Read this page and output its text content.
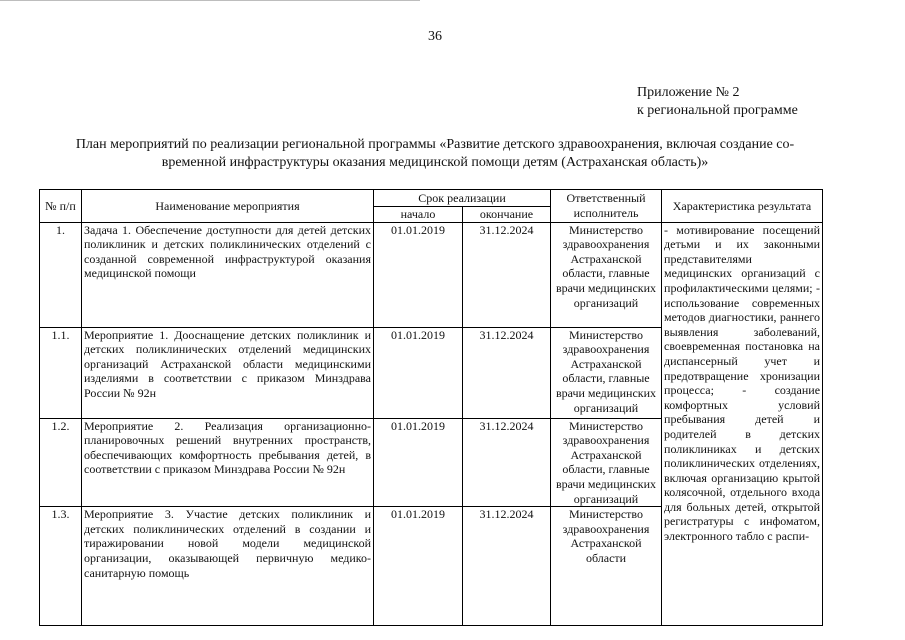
36
Приложение № 2
к региональной программе
План мероприятий по реализации региональной программы «Развитие детского здравоохранения, включая создание со-
временной инфраструктуры оказания медицинской помощи детям (Астраханская область)»
№ п/п	Наименование мероприятия	Срок реализации		Ответственный исполнитель	Характеристика результата
		начало	окончание		
1.	Задача 1. Обеспечение доступности для детей детских поликлиник и детских поликлинических отделений с созданной современной инфраструктурой оказания медицинской помощи	01.01.2019	31.12.2024	Министерство здравоохранения Астраханской области, главные врачи медицинских организаций	- мотивирование посещений детьми и их законными представителями медицинских организаций с профилактическими целями; - использование современных методов диагностики, раннего выявления заболеваний, своевременная постановка на диспансерный учет и предотвращение хронизации процесса; - создание комфортных условий пребывания детей и родителей в детских поликлиниках и детских поликлинических отделениях, включая организацию крытой колясочной, отдельного входа для больных детей, открытой регистратуры с инфоматом, электронного табло с распи-
1.1.	Мероприятие 1. Дооснащение детских поликлиник и детских поликлинических отделений медицинских организаций Астраханской области медицинскими изделиями в соответствии с приказом Минздрава России № 92н	01.01.2019	31.12.2024	Министерство здравоохранения Астраханской области, главные врачи медицинских организаций	
1.2.	Мероприятие 2. Реализация организационно-планировочных решений внутренних пространств, обеспечивающих комфортность пребывания детей, в соответствии с приказом Минздрава России № 92н	01.01.2019	31.12.2024	Министерство здравоохранения Астраханской области, главные врачи медицинских организаций	
1.3.	Мероприятие 3. Участие детских поликлиник и детских поликлинических отделений в создании и тиражировании новой модели медицинской организации, оказывающей первичную медико-санитарную помощь	01.01.2019	31.12.2024	Министерство здравоохранения Астраханской области	
